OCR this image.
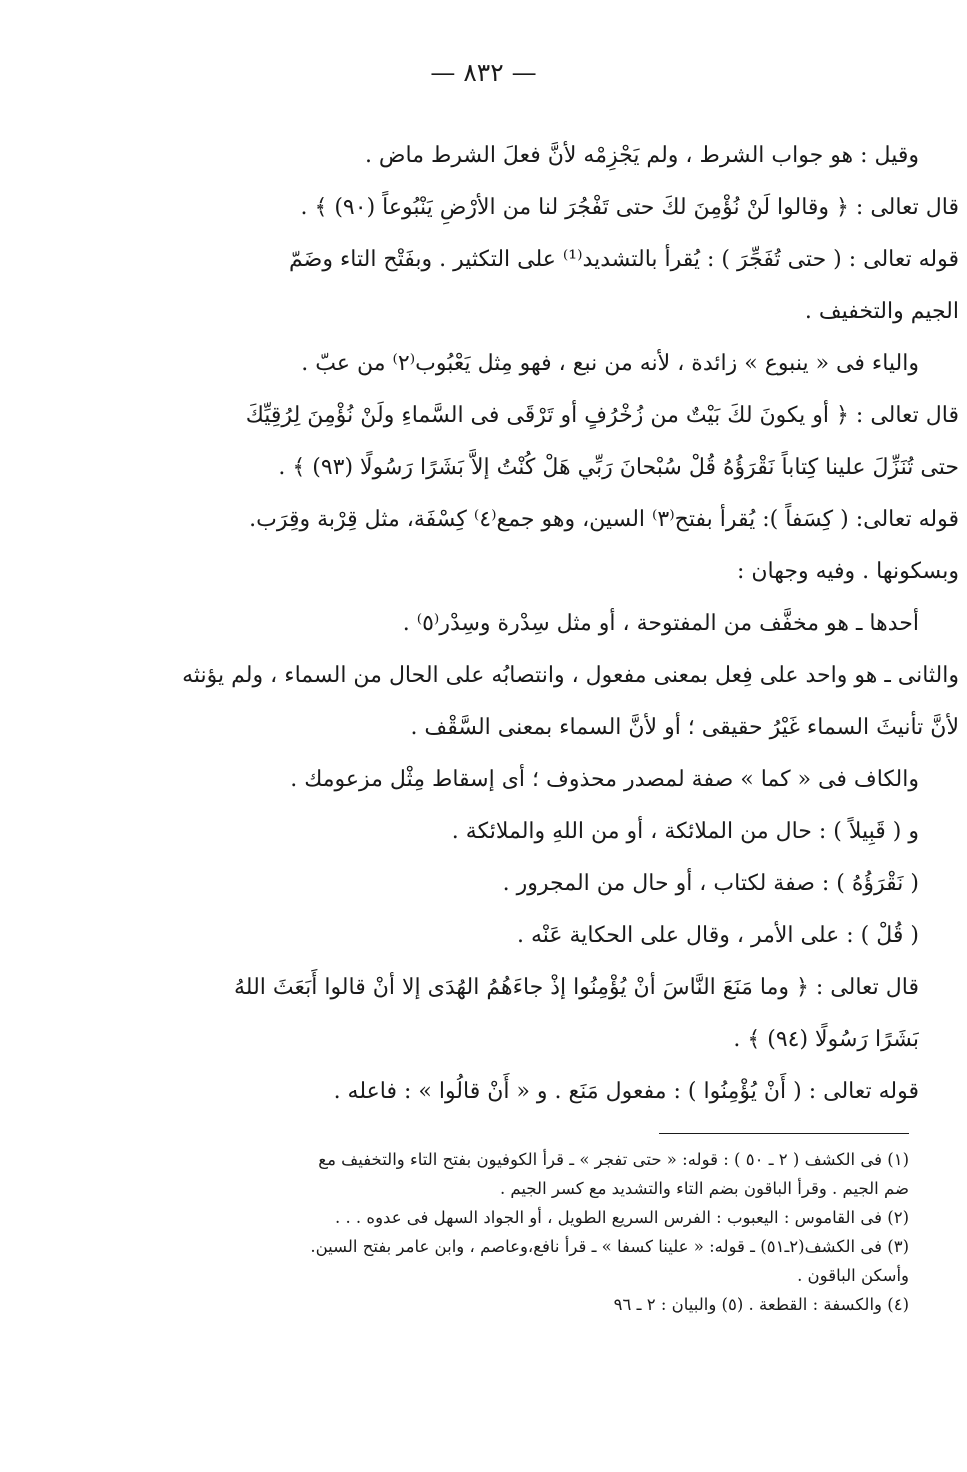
— ٨٣٢ —

وقيل : هو جواب الشرط ، ولم يَجْزِمْه لأنَّ فعلَ الشرط ماض .

قال تعالى : ﴿ وقالوا لَنْ نُؤْمِنَ لكَ حتى تَفْجُرَ لنا من الأرْضِ يَنْبُوعاً (٩٠) ﴾ .

قوله تعالى : ( حتى تُفَجِّرَ ) : يُقرأ بالتشديد⁽¹⁾ على التكثير . وبفَتْح التاء وضَمّ

الجيم والتخفيف .

والياء فى « ينبوع » زائدة ، لأنه من نبع ، فهو مِثل يَعْبُوب⁽٢⁾ من عبّ .

قال تعالى : ﴿ أو يكونَ لكَ بَيْتٌ من زُخْرُفٍ أو تَرْقَى فى السَّماءِ ولَنْ نُؤْمِنَ لِرُقِيِّكَ

حتى تُنَزِّلَ علينا كِتاباً نَقْرَؤُهُ قُلْ سُبْحانَ رَبِّي هَلْ كُنْتُ إلاَّ بَشَرًا رَسُولًا (٩٣) ﴾ .

قوله تعالى: ( كِسَفاً ): يُقرأ بفتح⁽٣⁾ السين، وهو جمع⁽٤⁾ كِسْفَة، مثل قِرْبة وقِرَب.

وبسكونها . وفيه وجهان :

أحدها ـ هو مخفَّف من المفتوحة ، أو مثل سِدْرة وسِدْر⁽٥⁾ .

والثانى ـ هو واحد على فِعل بمعنى مفعول ، وانتصابُه على الحال من السماء ، ولم يؤنثه

لأنَّ تأنيثَ السماء غَيْرُ حقيقى ؛ أو لأنَّ السماء بمعنى السَّقْف .

والكاف فى « كما » صفة لمصدر محذوف ؛ أى إسقاط مِثْل مزعومك .

و ( قَبِيلاً ) : حال من الملائكة ، أو من اللهِ والملائكة .

( نَقْرَؤُهُ ) : صفة لكتاب ، أو حال من المجرور .

( قُلْ ) : على الأمر ، وقال على الحكاية عَنْه .

قال تعالى : ﴿ وما مَنَعَ النَّاسَ أنْ يُؤْمِنُوا إذْ جاءَهُمُ الهُدَى إلا أنْ قالوا أَبَعَثَ اللهُ

بَشَرًا رَسُولًا (٩٤) ﴾ .

قوله تعالى : ( أَنْ يُؤْمِنُوا ) : مفعول مَنَع . و « أَنْ قالُوا » : فاعله .

(١) فى الكشف ( ٢ ـ ٥٠ ) : قوله: « حتى تفجر » ـ قرأ الكوفيون بفتح التاء والتخفيف مع

ضم الجيم . وقرأ الباقون بضم التاء والتشديد مع كسر الجيم .

(٢) فى القاموس : اليعبوب : الفرس السريع الطويل ، أو الجواد السهل فى عدوه . . .

(٣) فى الكشف(٢ـ٥١) ـ قوله: « علينا كسفا » ـ قرأ نافع،وعاصم ، وابن عامر بفتح السين.

وأسكن الباقون .

(٤) والكسفة : القطعة . (٥) والبيان : ٢ ـ ٩٦
